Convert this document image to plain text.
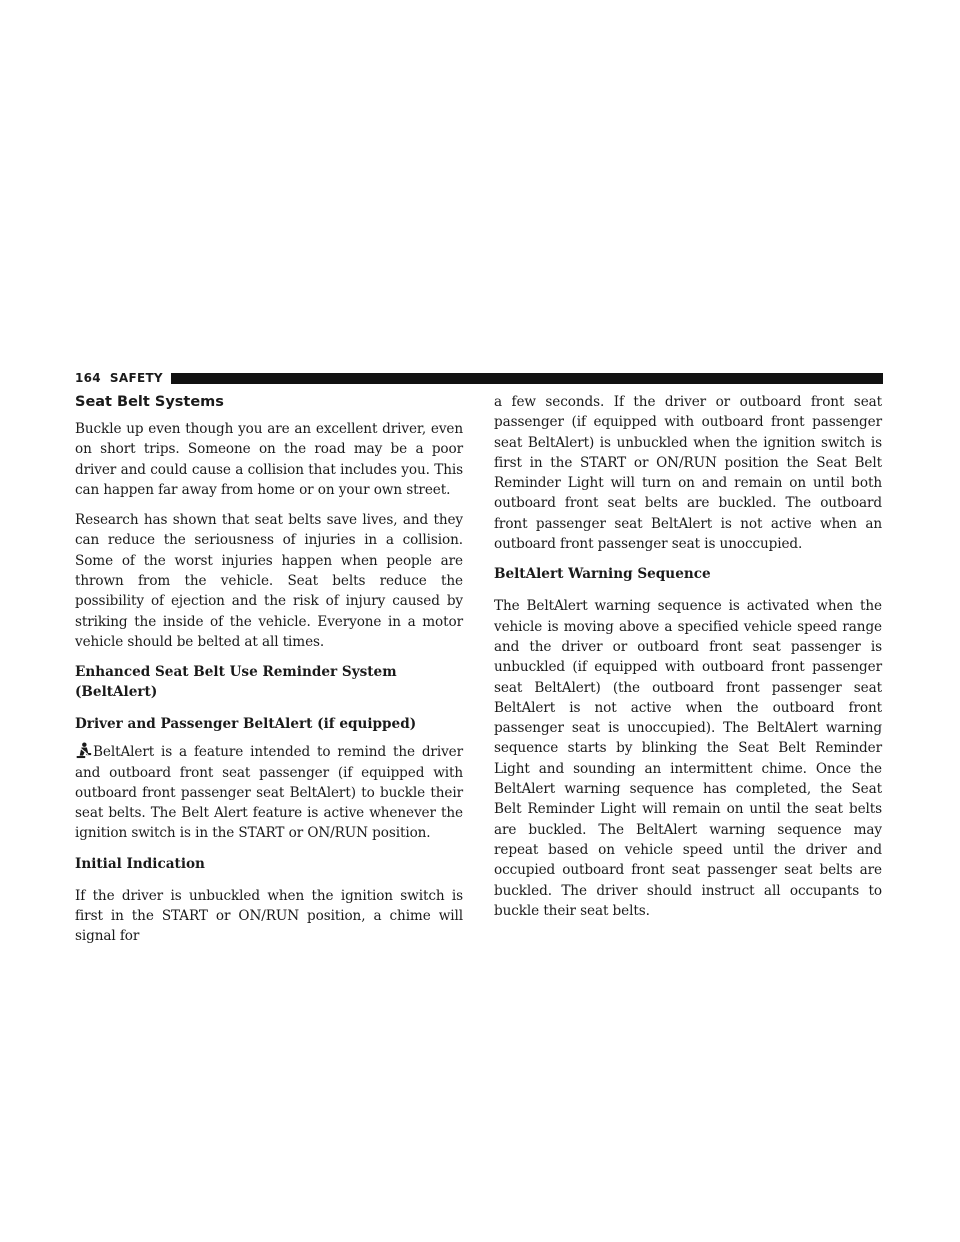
164 SAFETY
Seat Belt Systems

Buckle up even though you are an excellent driver, even on short trips. Someone on the road may be a poor driver and could cause a collision that includes you. This can happen far away from home or on your own street.

Research has shown that seat belts save lives, and they can reduce the seriousness of injuries in a collision. Some of the worst injuries happen when people are thrown from the vehicle. Seat belts reduce the possibility of ejection and the risk of injury caused by striking the inside of the vehicle. Everyone in a motor vehicle should be belted at all times.

Enhanced Seat Belt Use Reminder System (BeltAlert)
Driver and Passenger BeltAlert (if equipped)

BeltAlert is a feature intended to remind the driver and outboard front seat passenger (if equipped with outboard front passenger seat BeltAlert) to buckle their seat belts. The Belt Alert feature is active whenever the ignition switch is in the START or ON/RUN position.

Initial Indication

If the driver is unbuckled when the ignition switch is first in the START or ON/RUN position, a chime will signal for

a few seconds. If the driver or outboard front seat passenger (if equipped with outboard front passenger seat BeltAlert) is unbuckled when the ignition switch is first in the START or ON/RUN position the Seat Belt Reminder Light will turn on and remain on until both outboard front seat belts are buckled. The outboard front passenger seat BeltAlert is not active when an outboard front passenger seat is unoccupied.

BeltAlert Warning Sequence

The BeltAlert warning sequence is activated when the vehicle is moving above a specified vehicle speed range and the driver or outboard front seat passenger is unbuckled (if equipped with outboard front passenger seat BeltAlert) (the outboard front passenger seat BeltAlert is not active when the outboard front passenger seat is unoccupied). The BeltAlert warning sequence starts by blinking the Seat Belt Reminder Light and sounding an intermittent chime. Once the BeltAlert warning sequence has completed, the Seat Belt Reminder Light will remain on until the seat belts are buckled. The BeltAlert warning sequence may repeat based on vehicle speed until the driver and occupied outboard front seat passenger seat belts are buckled. The driver should instruct all occupants to buckle their seat belts.
